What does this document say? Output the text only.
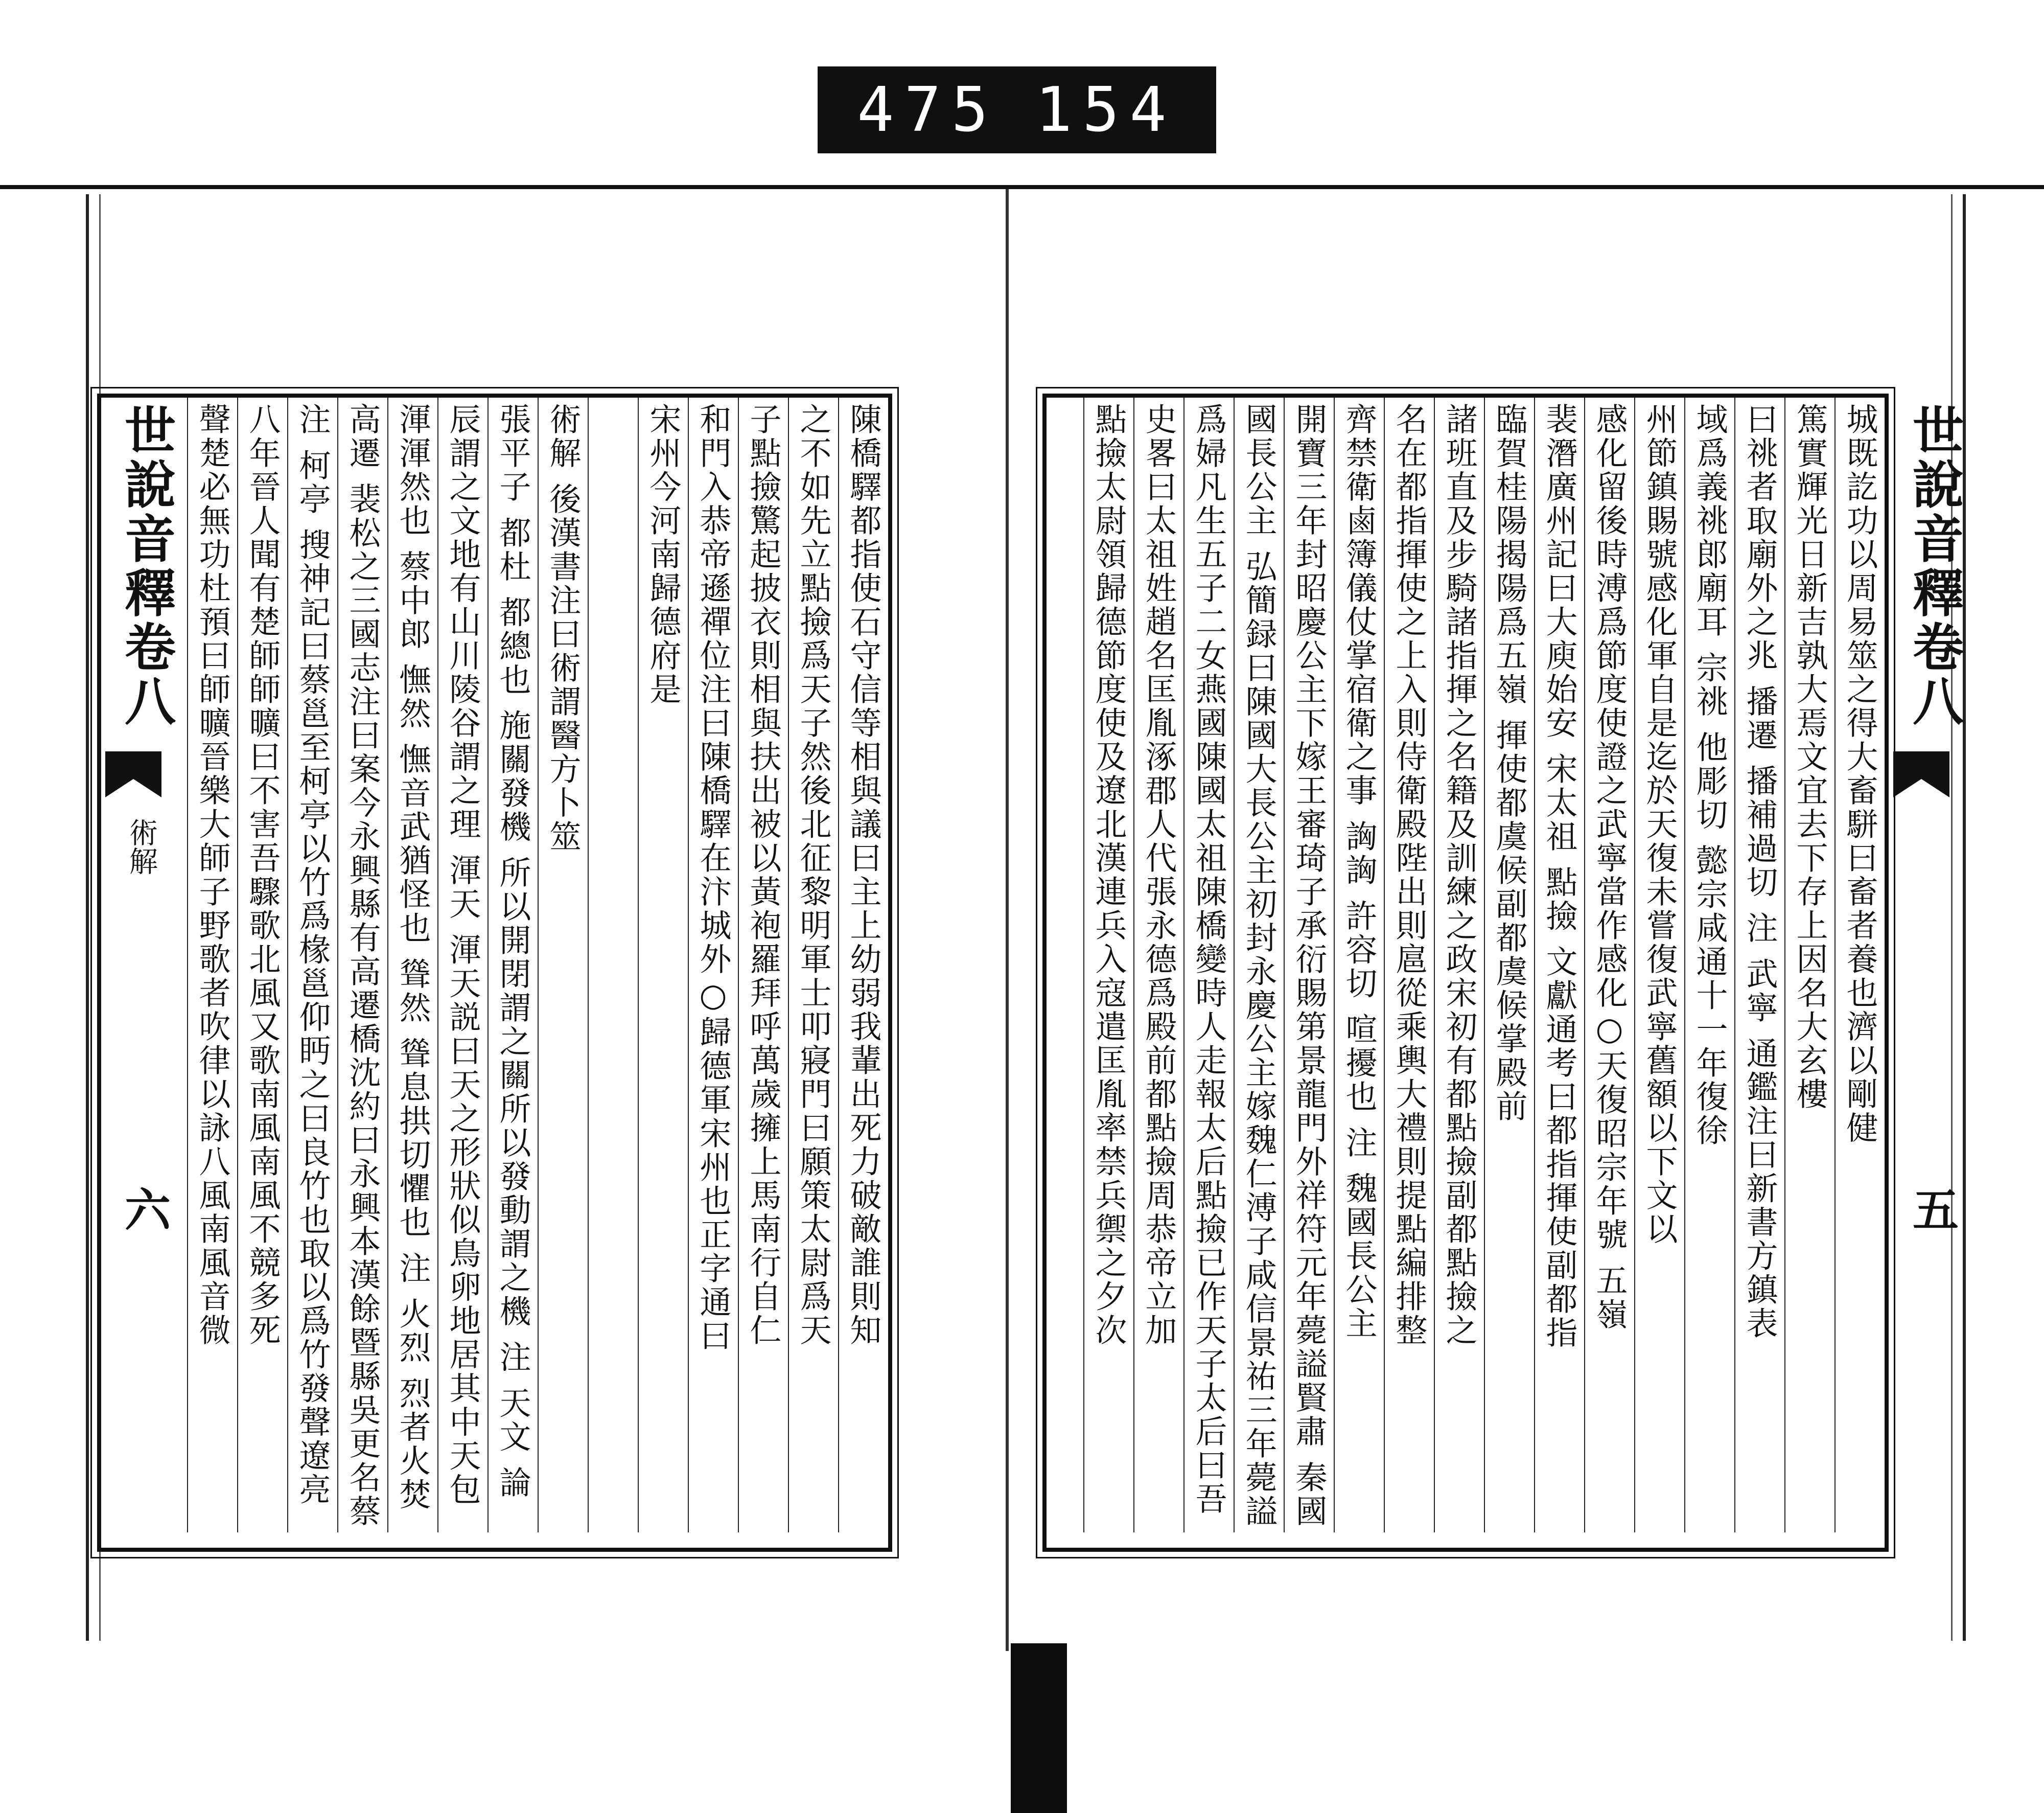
475 154
城既訖功以周易筮之得大畜駢曰畜者養也濟以剛健
篤實輝光日新吉孰大焉文宜去下存上因名大玄樓
曰祧者取廟外之兆 播遷 播補過切 注 武寧 通鑑注曰新書方鎮表
域爲義祧郎廟耳 宗祧 他彫切 懿宗咸通十一年復徐
州節鎮賜號感化軍自是迄於天復未嘗復武寧舊額以下文以
感化留後時溥爲節度使證之武寧當作感化○天復昭宗年號 五嶺
裴潛廣州記曰大庾始安 宋太祖 點撿 文獻通考曰都指揮使副都指
臨賀桂陽揭陽爲五嶺 揮使都虞候副都虞候掌殿前
諸班直及步騎諸指揮之名籍及訓練之政宋初有都點撿副都點撿之
名在都指揮使之上入則侍衛殿陛出則扈從乘輿大禮則提點編排整
齊禁衛鹵簿儀仗掌宿衛之事 詾詾 許容切 喧擾也 注 魏國長公主
開寶三年封昭慶公主下嫁王審琦子承衍賜第景龍門外祥符元年薨謚賢肅 秦國
國長公主 弘簡録曰陳國大長公主初封永慶公主嫁魏仁溥子咸信景祐三年薨謚
爲婦凡生五子二女燕國陳國太祖陳橋變時人走報太后點撿已作天子太后曰吾
史畧曰太祖姓趙名匡胤涿郡人代張永德爲殿前都點撿周恭帝立加
點撿太尉領歸德節度使及遼北漢連兵入寇遣匡胤率禁兵禦之夕次	世說音釋卷八
五
陳橋驛都指使石守信等相與議曰主上幼弱我輩出死力破敵誰則知
之不如先立點撿爲天子然後北征黎明軍士叩寢門曰願策太尉爲天
子點撿驚起披衣則相與扶出被以黃袍羅拜呼萬歲擁上馬南行自仁
和門入恭帝遜禪位注曰陳橋驛在汴城外○歸德軍宋州也正字通曰
宋州今河南歸德府是
術解 後漢書注曰術謂醫方卜筮
張平子 都杜 都總也 施關發機 所以開閉謂之關所以發動謂之機 注 天文 論
辰謂之文地有山川陵谷謂之理 渾天 渾天説曰天之形狀似鳥卵地居其中天包
渾渾然也 蔡中郎 憮然 憮音武猶怪也 聳然 聳息拱切懼也 注 火烈 烈者火焚
高遷 裴松之三國志注曰案今永興縣有高遷橋沈約曰永興本漢餘暨縣吳更名蔡
注 柯亭 搜神記曰蔡邕至柯亭以竹爲椽邕仰眄之曰良竹也取以爲竹發聲遼亮
八年晉人聞有楚師師曠曰不害吾驟歌北風又歌南風南風不競多死
聲楚必無功杜預曰師曠晉樂大師子野歌者吹律以詠八風南風音微
世說音釋卷八
術解
六
